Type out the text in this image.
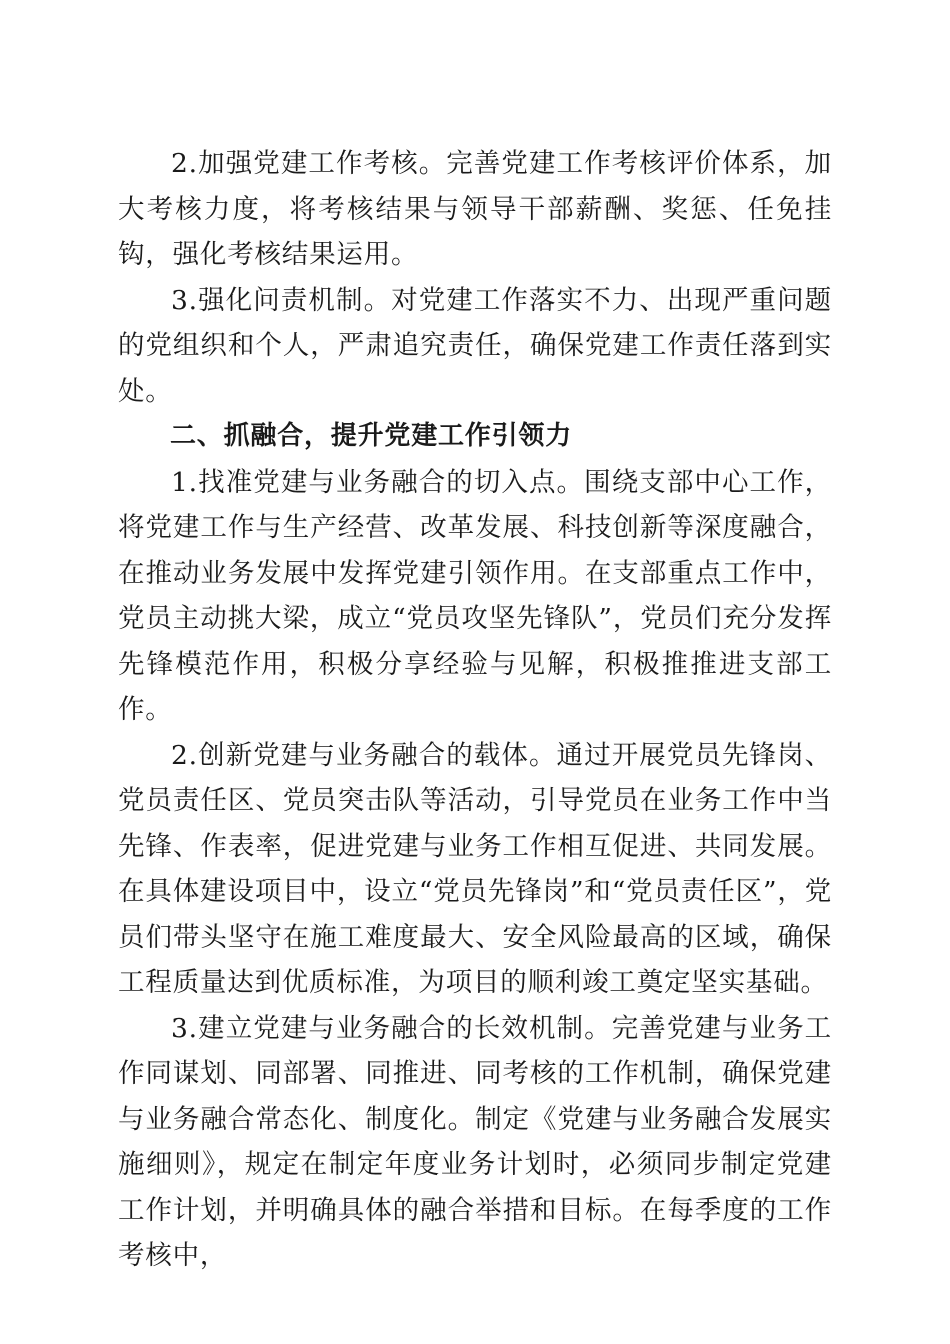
2.加强党建工作考核。完善党建工作考核评价体系，加大考核力度，将考核结果与领导干部薪酬、奖惩、任免挂钩，强化考核结果运用。

3.强化问责机制。对党建工作落实不力、出现严重问题的党组织和个人，严肃追究责任，确保党建工作责任落到实处。

二、抓融合，提升党建工作引领力

1.找准党建与业务融合的切入点。围绕支部中心工作，将党建工作与生产经营、改革发展、科技创新等深度融合，在推动业务发展中发挥党建引领作用。在支部重点工作中，党员主动挑大梁，成立“党员攻坚先锋队”，党员们充分发挥先锋模范作用，积极分享经验与见解，积极推推进支部工作。

2.创新党建与业务融合的载体。通过开展党员先锋岗、党员责任区、党员突击队等活动，引导党员在业务工作中当先锋、作表率，促进党建与业务工作相互促进、共同发展。在具体建设项目中，设立“党员先锋岗”和“党员责任区”，党员们带头坚守在施工难度最大、安全风险最高的区域，确保工程质量达到优质标准，为项目的顺利竣工奠定坚实基础。

3.建立党建与业务融合的长效机制。完善党建与业务工作同谋划、同部署、同推进、同考核的工作机制，确保党建与业务融合常态化、制度化。制定《党建与业务融合发展实施细则》，规定在制定年度业务计划时，必须同步制定党建工作计划，并明确具体的融合举措和目标。在每季度的工作考核中，
